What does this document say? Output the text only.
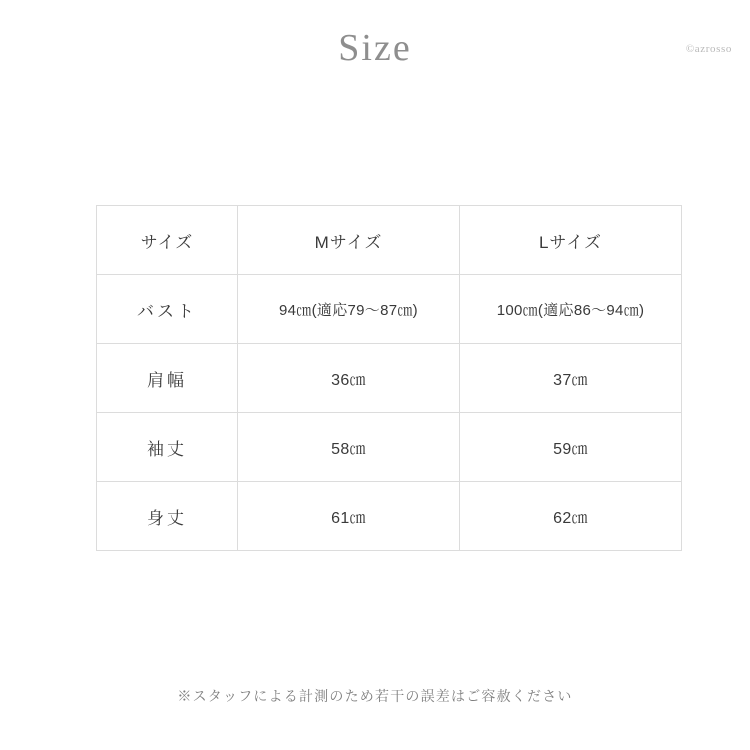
Size	©azrosso
サイズ	Mサイズ	Lサイズ
バスト	94㎝(適応79〜87㎝)	100㎝(適応86〜94㎝)
肩幅	36㎝	37㎝
袖丈	58㎝	59㎝
身丈	61㎝	62㎝
※スタッフによる計測のため若干の誤差はご容赦ください
